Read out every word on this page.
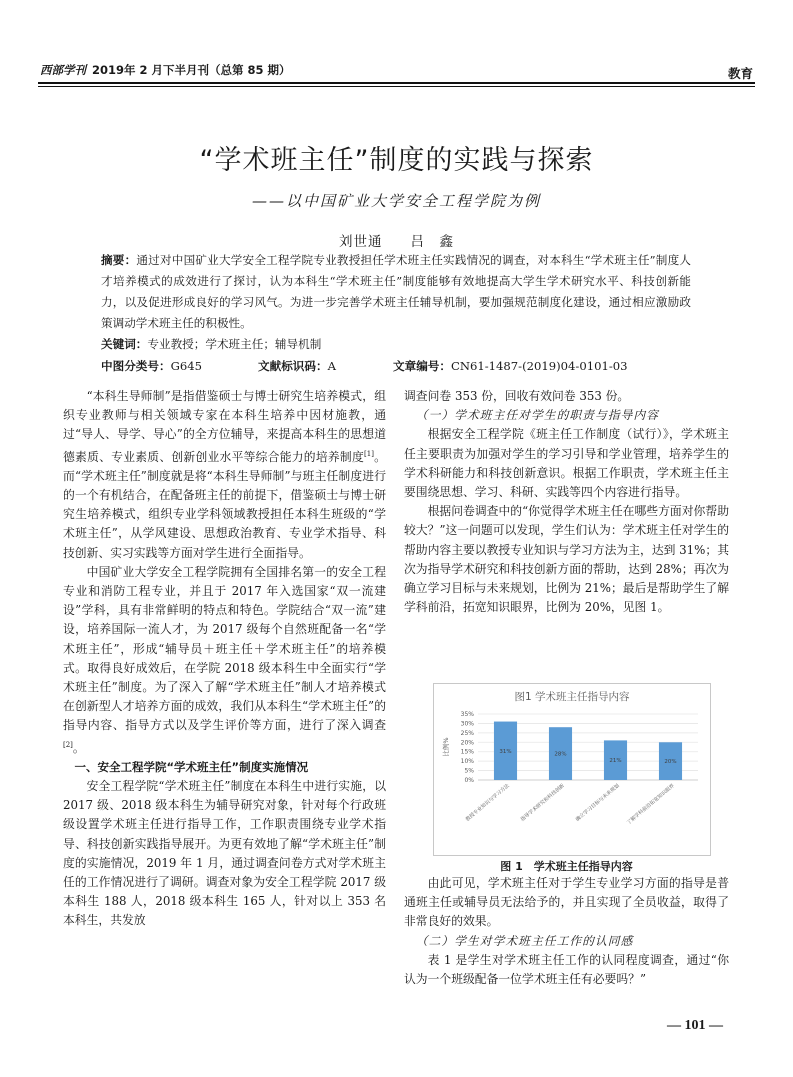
西部学刊 2019年 2 月下半月刊（总第 85 期）	教育
“学术班主任”制度的实践与探索
——以中国矿业大学安全工程学院为例
刘世通 吕　鑫
摘要：通过对中国矿业大学安全工程学院专业教授担任学术班主任实践情况的调查，对本科生“学术班主任”制度人才培养模式的成效进行了探讨，认为本科生“学术班主任”制度能够有效地提高大学生学术研究水平、科技创新能力，以及促进形成良好的学习风气。为进一步完善学术班主任辅导机制，要加强规范制度化建设，通过相应激励政策调动学术班主任的积极性。
关键词：专业教授；学术班主任；辅导机制
中图分类号：G645	文献标识码：A	文章编号：CN61-1487-(2019)04-0101-03

“本科生导师制”是指借鉴硕士与博士研究生培养模式，组织专业教师与相关领域专家在本科生培养中因材施教，通过“导人、导学、导心”的全方位辅导，来提高本科生的思想道德素质、专业素质、创新创业水平等综合能力的培养制度[1]。而“学术班主任”制度就是将“本科生导师制”与班主任制度进行的一个有机结合，在配备班主任的前提下，借鉴硕士与博士研究生培养模式，组织专业学科领域教授担任本科生班级的“学术班主任”，从学风建设、思想政治教育、专业学术指导、科技创新、实习实践等方面对学生进行全面指导。

中国矿业大学安全工程学院拥有全国排名第一的安全工程专业和消防工程专业，并且于 2017 年入选国家“双一流建设”学科，具有非常鲜明的特点和特色。学院结合“双一流”建设，培养国际一流人才，为 2017 级每个自然班配备一名“学术班主任”，形成“辅导员＋班主任＋学术班主任”的培养模式。取得良好成效后，在学院 2018 级本科生中全面实行“学术班主任”制度。为了深入了解“学术班主任”制人才培养模式在创新型人才培养方面的成效，我们从本科生“学术班主任”的指导内容、指导方式以及学生评价等方面，进行了深入调查[2]。

一、安全工程学院“学术班主任”制度实施情况

安全工程学院“学术班主任”制度在本科生中进行实施，以 2017 级、2018 级本科生为辅导研究对象，针对每个行政班级设置学术班主任进行指导工作，工作职责围绕专业学术指导、科技创新实践指导展开。为更有效地了解“学术班主任”制度的实施情况，2019 年 1 月，通过调查问卷方式对学术班主任的工作情况进行了调研。调查对象为安全工程学院 2017 级本科生 188 人，2018 级本科生 165 人，针对以上 353 名本科生，共发放

调查问卷 353 份，回收有效问卷 353 份。

（一）学术班主任对学生的职责与指导内容

根据安全工程学院《班主任工作制度（试行）》，学术班主任主要职责为加强对学生的学习引导和学业管理，培养学生的学术科研能力和科技创新意识。根据工作职责，学术班主任主要围绕思想、学习、科研、实践等四个内容进行指导。

根据问卷调查中的“你觉得学术班主任在哪些方面对你帮助较大？”这一问题可以发现，学生们认为：学术班主任对学生的帮助内容主要以教授专业知识与学习方法为主，达到 31%；其次为指导学术研究和科技创新方面的帮助，达到 28%；再次为确立学习目标与未来规划，比例为 21%；最后是帮助学生了解学科前沿，拓宽知识眼界，比例为 20%，见图 1。

图1 学术班主任指导内容
比例%
0%
5%
10%
15%
20%
25%
30%
35%
31%
教授专业知识与学习方法
28%
指导学术研究和科技创新
21%
确立学习目标与未来规划
20%
了解学科前沿拓宽知识眼界
图 1　学术班主任指导内容

由此可见，学术班主任对于学生专业学习方面的指导是普通班主任或辅导员无法给予的，并且实现了全员收益，取得了非常良好的效果。

（二）学生对学术班主任工作的认同感

表 1 是学生对学术班主任工作的认同程度调查，通过“你认为一个班级配备一位学术班主任有必要吗？”

— 101 —
